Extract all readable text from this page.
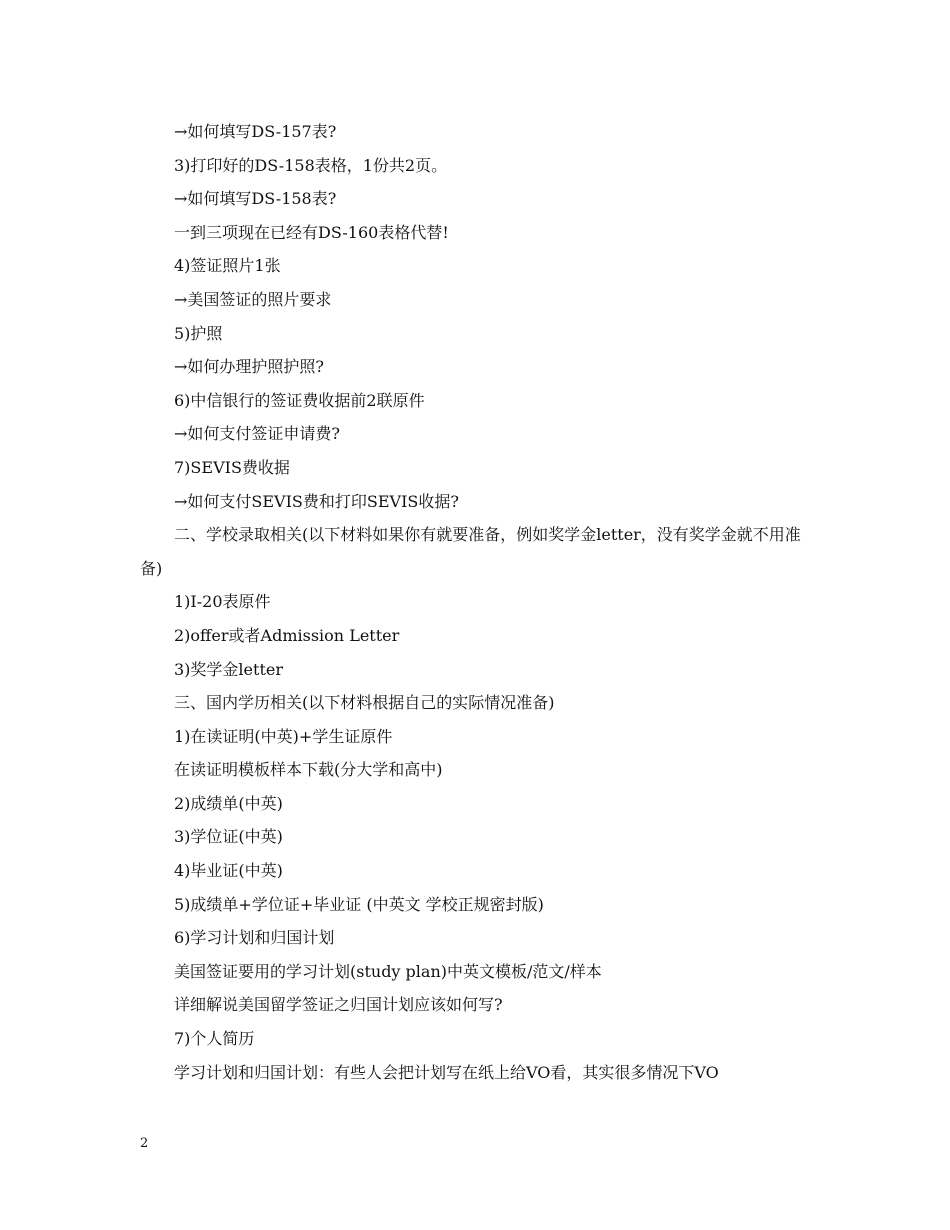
→如何填写DS-157表?
3)打印好的DS-158表格，1份共2页。
→如何填写DS-158表?
一到三项现在已经有DS-160表格代替!
4)签证照片1张
→美国签证的照片要求
5)护照
→如何办理护照护照?
6)中信银行的签证费收据前2联原件
→如何支付签证申请费?
7)SEVIS费收据
→如何支付SEVIS费和打印SEVIS收据?
二、学校录取相关(以下材料如果你有就要准备，例如奖学金letter，没有奖学金就不用准备)
1)I-20表原件
2)offer或者Admission Letter
3)奖学金letter
三、国内学历相关(以下材料根据自己的实际情况准备)
1)在读证明(中英)+学生证原件
在读证明模板样本下载(分大学和高中)
2)成绩单(中英)
3)学位证(中英)
4)毕业证(中英)
5)成绩单+学位证+毕业证 (中英文 学校正规密封版)
6)学习计划和归国计划
美国签证要用的学习计划(study plan)中英文模板/范文/样本
详细解说美国留学签证之归国计划应该如何写?
7)个人简历
学习计划和归国计划：有些人会把计划写在纸上给VO看，其实很多情况下VO
2
